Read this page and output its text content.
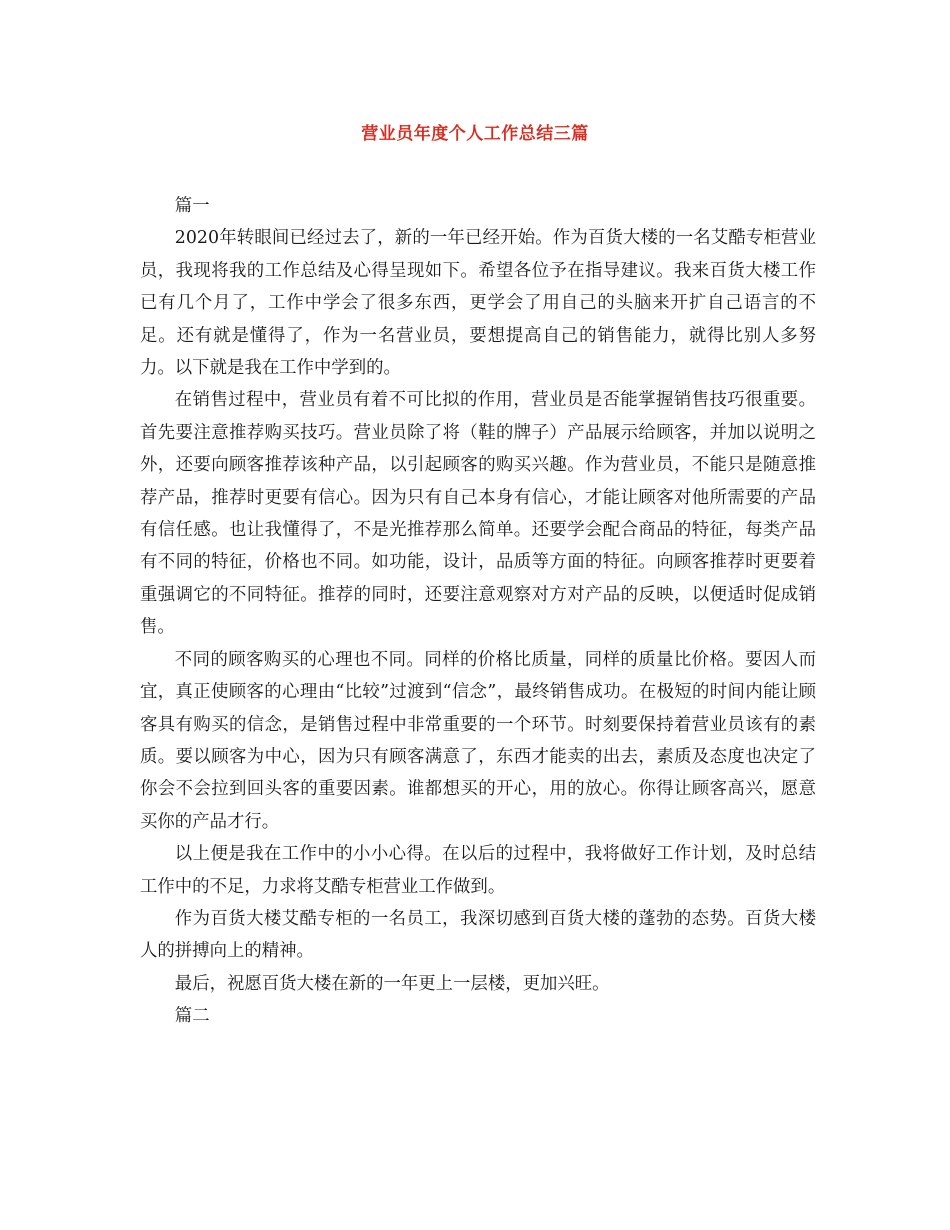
营业员年度个人工作总结三篇

篇一

2020年转眼间已经过去了，新的一年已经开始。作为百货大楼的一名艾酷专柜营业员，我现将我的工作总结及心得呈现如下。希望各位予在指导建议。我来百货大楼工作已有几个月了，工作中学会了很多东西，更学会了用自己的头脑来开扩自己语言的不足。还有就是懂得了，作为一名营业员，要想提高自己的销售能力，就得比别人多努力。以下就是我在工作中学到的。

在销售过程中，营业员有着不可比拟的作用，营业员是否能掌握销售技巧很重要。首先要注意推荐购买技巧。营业员除了将（鞋的牌子）产品展示给顾客，并加以说明之外，还要向顾客推荐该种产品，以引起顾客的购买兴趣。作为营业员，不能只是随意推荐产品，推荐时更要有信心。因为只有自己本身有信心，才能让顾客对他所需要的产品有信任感。也让我懂得了，不是光推荐那么简单。还要学会配合商品的特征，每类产品有不同的特征，价格也不同。如功能，设计，品质等方面的特征。向顾客推荐时更要着重强调它的不同特征。推荐的同时，还要注意观察对方对产品的反映，以便适时促成销售。

不同的顾客购买的心理也不同。同样的价格比质量，同样的质量比价格。要因人而宜，真正使顾客的心理由“比较”过渡到“信念”，最终销售成功。在极短的时间内能让顾客具有购买的信念，是销售过程中非常重要的一个环节。时刻要保持着营业员该有的素质。要以顾客为中心，因为只有顾客满意了，东西才能卖的出去，素质及态度也决定了你会不会拉到回头客的重要因素。谁都想买的开心，用的放心。你得让顾客高兴，愿意买你的产品才行。

以上便是我在工作中的小小心得。在以后的过程中，我将做好工作计划，及时总结工作中的不足，力求将艾酷专柜营业工作做到。

作为百货大楼艾酷专柜的一名员工，我深切感到百货大楼的蓬勃的态势。百货大楼人的拼搏向上的精神。

最后，祝愿百货大楼在新的一年更上一层楼，更加兴旺。

篇二
